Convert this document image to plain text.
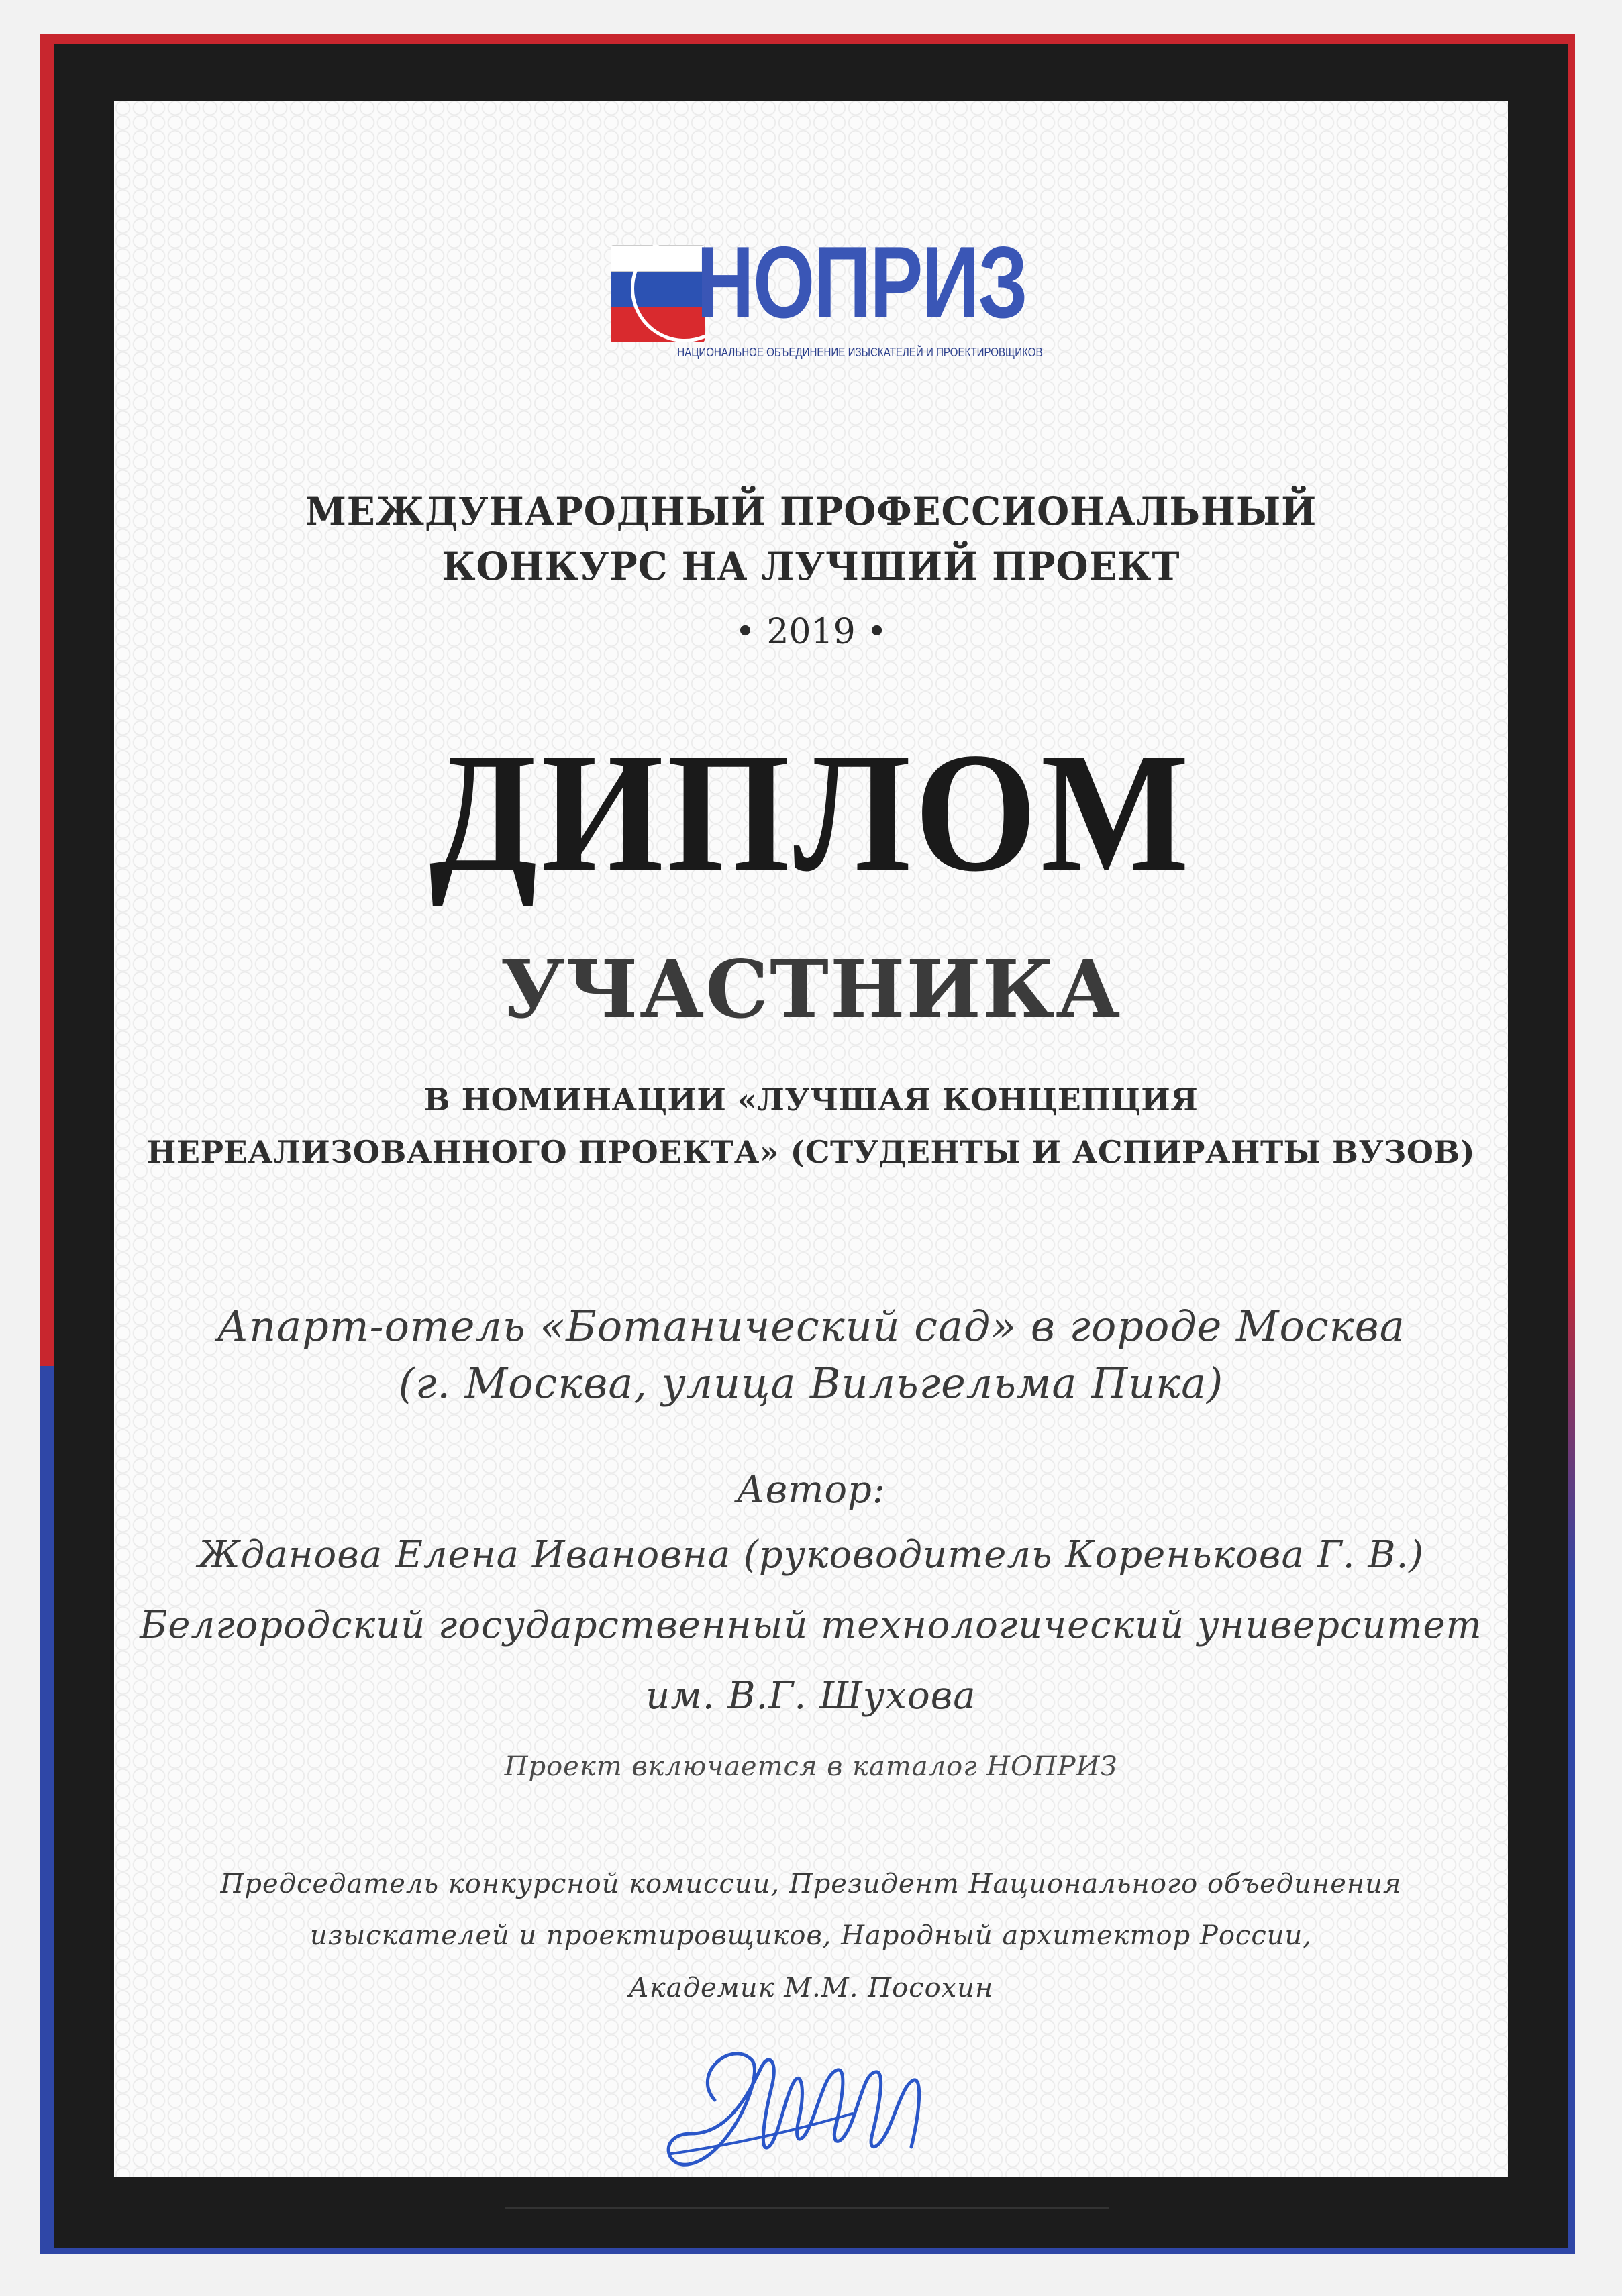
НОПРИЗ
НАЦИОНАЛЬНОЕ ОБЪЕДИНЕНИЕ ИЗЫСКАТЕЛЕЙ И ПРОЕКТИРОВЩИКОВ
МЕЖДУНАРОДНЫЙ ПРОФЕССИОНАЛЬНЫЙ
КОНКУРС НА ЛУЧШИЙ ПРОЕКТ
• 2019 •
ДИПЛОМ
УЧАСТНИКА
В НОМИНАЦИИ «ЛУЧШАЯ КОНЦЕПЦИЯ
НЕРЕАЛИЗОВАННОГО ПРОЕКТА» (СТУДЕНТЫ И АСПИРАНТЫ ВУЗОВ)
Апарт-отель «Ботанический сад» в городе Москва
(г. Москва, улица Вильгельма Пика)
Автор:
Жданова Елена Ивановна (руководитель Коренькова Г. В.)
Белгородский государственный технологический университет
им. В.Г. Шухова
Проект включается в каталог НОПРИЗ
Председатель конкурсной комиссии, Президент Национального объединения
изыскателей и проектировщиков, Народный архитектор России,
Академик М.М. Посохин
